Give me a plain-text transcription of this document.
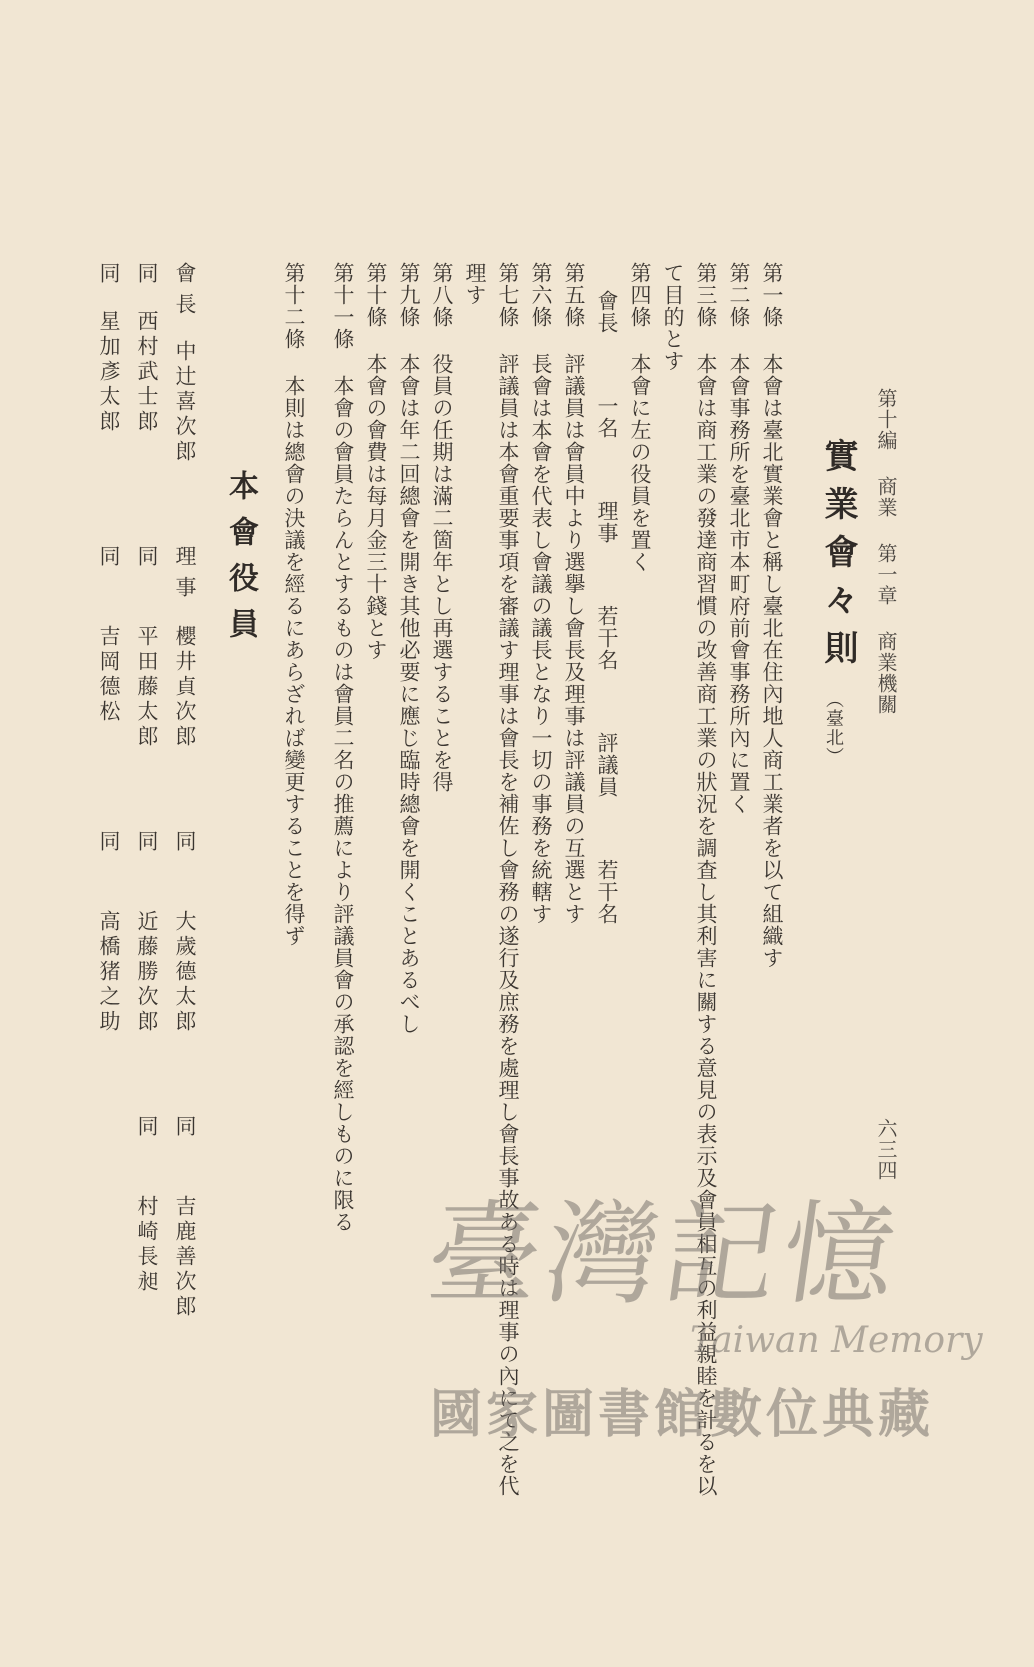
第十編 商業 第一章 商業機關
六三四
實業會々則
（臺北）
第一條 本會は臺北實業會と稱し臺北在住內地人商工業者を以て組織す
第二條 本會事務所を臺北市本町府前會事務所內に置く
第三條 本會は商工業の發達商習慣の改善商工業の狀況を調査し其利害に關する意見の表示及會員相互の利益親睦を計るを以
て目的とす
第四條 本會に左の役員を置く
會長 一名 理事 若干名 評議員 若干名
第五條 評議員は會員中より選擧し會長及理事は評議員の互選とす
第六條 長會は本會を代表し會議の議長となり一切の事務を統轄す
第七條 評議員は本會重要事項を審議す理事は會長を補佐し會務の遂行及庶務を處理し會長事故ある時は理事の內にて之を代
理す
第八條 役員の任期は滿二箇年とし再選することを得
第九條 本會は年二回總會を開き其他必要に應じ臨時總會を開くことあるべし
第十條 本會の會費は每月金三十錢とす
第十一條 本會の會員たらんとするものは會員二名の推薦により評議員會の承認を經しものに限る
第十二條 本則は總會の決議を經るにあらざれば變更することを得ず
本會役員
會長
中辻喜次郎
理事
櫻井貞次郎
同
大歲德太郎
同
吉鹿善次郎
同
西村武士郎
同
平田藤太郎
同
近藤勝次郎
同
村崎長昶
同
星加彥太郎
同
吉岡德松
同
高橋猪之助
臺灣記憶
Taiwan Memory
國家圖書館數位典藏
